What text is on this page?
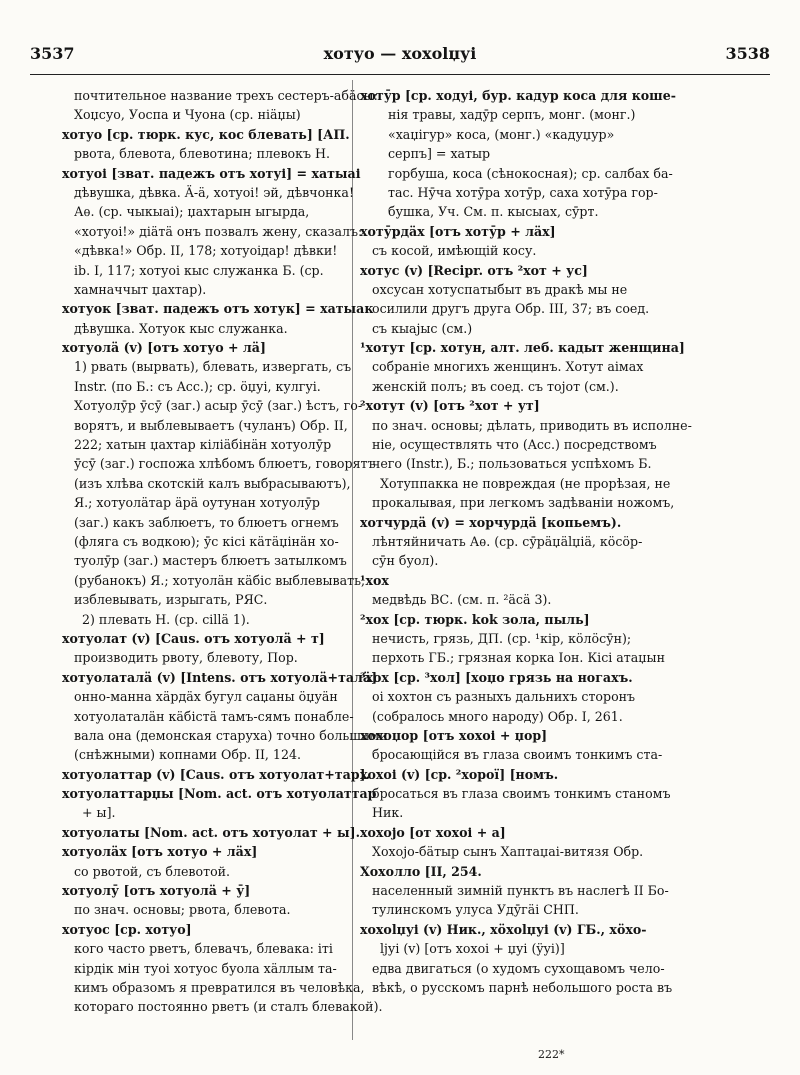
3537	хотуо — хохоlџуі	3538
почтительное название трехъ сестеръ-абäсы:
Хоџсуо, Уоспа и Чуона (ср. ніäџы)
хотуо [ср. тюрк. кус, кос блевать] [АП.
рвота, блевота, блевотина; плевокъ Н.
хотуоі [зват. падежъ отъ хотуі] = хатыаі
дѣвушка, дѣвка. Ä-ä, хотуоі! эй, дѣвчонка!
Аѳ. (ср. чыкыаі); џахтарын ыгырда,
«хотуоі!» діäтä онъ позвалъ жену, сказалъ:
«дѣвка!» Обр. II, 178; хотуоідар! дѣвки!
ib. I, 117; хотуоі кыс служанка Б. (ср.
хамначчыт џахтар).
хотуок [зват. падежъ отъ хотук] = хатыак
дѣвушка. Хотуок кыс служанка.
хотуолä (v) [отъ хотуо + лä]
1) рвать (вырвать), блевать, извергать, съ
Instr. (по Б.: съ Acc.); ср. ӧџуі, кулгуі.
Хотуолӯр ӯсӯ (заг.) асыр ӯсӯ (заг.) ѣстъ, го-
ворятъ, и выблевываетъ (чуланъ) Обр. II,
222; хатын џахтар кіліäбінäн хотуолӯр
ӯсӯ (заг.) госпожа хлѣбомъ блюетъ, говорятъ
(изъ хлѣва скотскій калъ выбрасываютъ),
Я.; хотуолäтар äрä оутунан хотуолӯр
(заг.) какъ заблюетъ, то блюетъ огнемъ
(фляга съ водкою); ӯс кісі кäтäџінäн хо-
туолӯр (заг.) мастеръ блюетъ затылкомъ
(рубанокъ) Я.; хотуолäн кäбіс выблевывать,
изблевывать, изрыгать, РЯС.
2) плевать Н. (ср. сіllä 1).
хотуолат (v) [Caus. отъ хотуолä + т]
производить рвоту, блевоту, Пор.
хотуолаталä (v) [Intens. отъ хотуолä+талä]
онно-манна хäрдäх бугул саџаны ӧџуäн
хотуолаталäн кäбістä тамъ-сямъ понабле-
вала она (демонская старуха) точно большими
(снѣжными) копнами Обр. II, 124.
хотуолаттар (v) [Caus. отъ хотуолат+тар].
хотуолаттарџы [Nom. act. отъ хотуолаттар
+ ы].
хотуолаты [Nom. act. отъ хотуолат + ы].
хотуолäх [отъ хотуо + лäх]
со рвотой, съ блевотой.
хотуолӯ [отъ хотуолä + ӯ]
по знач. основы; рвота, блевота.
хотуос [ср. хотуо]
кого часто рветъ, блевачъ, блевака: іті
кірдік мін туоі хотуос буола хäллым та-
кимъ образомъ я превратился въ человѣка,
котораго постоянно рветъ (и сталъ блевакой).
хотӯр [ср. ходуі, бур. кадур коса для коше-
нія травы, хадӯр серпъ, монг. (монг.)
«хаџігур» коса, (монг.) «кадуџур»
серпъ] = хатыр
горбуша, коса (сѣнокосная); ср. салбах ба-
тас. Нӯча хотӯра хотӯр, саха хотӯра гор-
бушка, Уч. См. п. кысыах, сӯрт.
хотӯрдäх [отъ хотӯр + лäх]
съ косой, имѣющій косу.
хотус (v) [Recipr. отъ ²хот + ус]
охсусан хотуспатыбыт въ дракѣ мы не
осилили другъ друга Обр. III, 37; въ соед.
съ кыајыс (см.)
¹хотут [ср. хотун, алт. леб. кадыт женщина]
собраніе многихъ женщинъ. Хотут аімах
женскій полъ; въ соед. съ тојот (см.).
²хотут (v) [отъ ²хот + ут]
по знач. основы; дѣлать, приводить въ исполне-
ніе, осуществлять что (Acc.) посредствомъ
чего (Instr.), Б.; пользоваться успѣхомъ Б.
Хотуппакка не повреждая (не прорѣзая, не
прокалывая, при легкомъ задѣваніи ножомъ,
хотчурдä (v) = хорчурдä [копьемъ).
лѣнтяйничать Аѳ. (ср. сӯрäџälџіä, кӧсӧр-
сӯн буол).
¹хох
медвѣдь ВС. (см. п. ²äсä 3).
²хох [ср. тюрк. kok зола, пыль]
нечисть, грязь, ДП. (ср. ¹кір, кӧлӧсӯн);
перхоть ГБ.; грязная корка Іон. Кісі атаџын
³хох [ср. ³хол] [хоџо грязь на ногахъ.
оі хохтон съ разныхъ дальнихъ сторонъ
(собралось много народу) Обр. I, 261.
хохоџор [отъ хохоі + џор]
бросающійся въ глаза своимъ тонкимъ ста-
хохоі (v) [ср. ²хорої] [номъ.
бросаться въ глаза своимъ тонкимъ станомъ
Ник.
хохојо [от хохоі + а]
Хохојо-бäтыр сынъ Хаптаџаі-витязя Обр.
Хохолло [II, 254.
населенный зимній пунктъ въ наслегѣ II Бо-
тулинскомъ улуса Удӯгäі СНП.
хохоlџуі (v) Ник., хӧхоlџуі (v) ГБ., хӧхо-
lјуі (v) [отъ хохоі + џуі (ÿуі)]
едва двигаться (о худомъ сухощавомъ чело-
вѣкѣ, о русскомъ парнѣ небольшого роста въ
222*
